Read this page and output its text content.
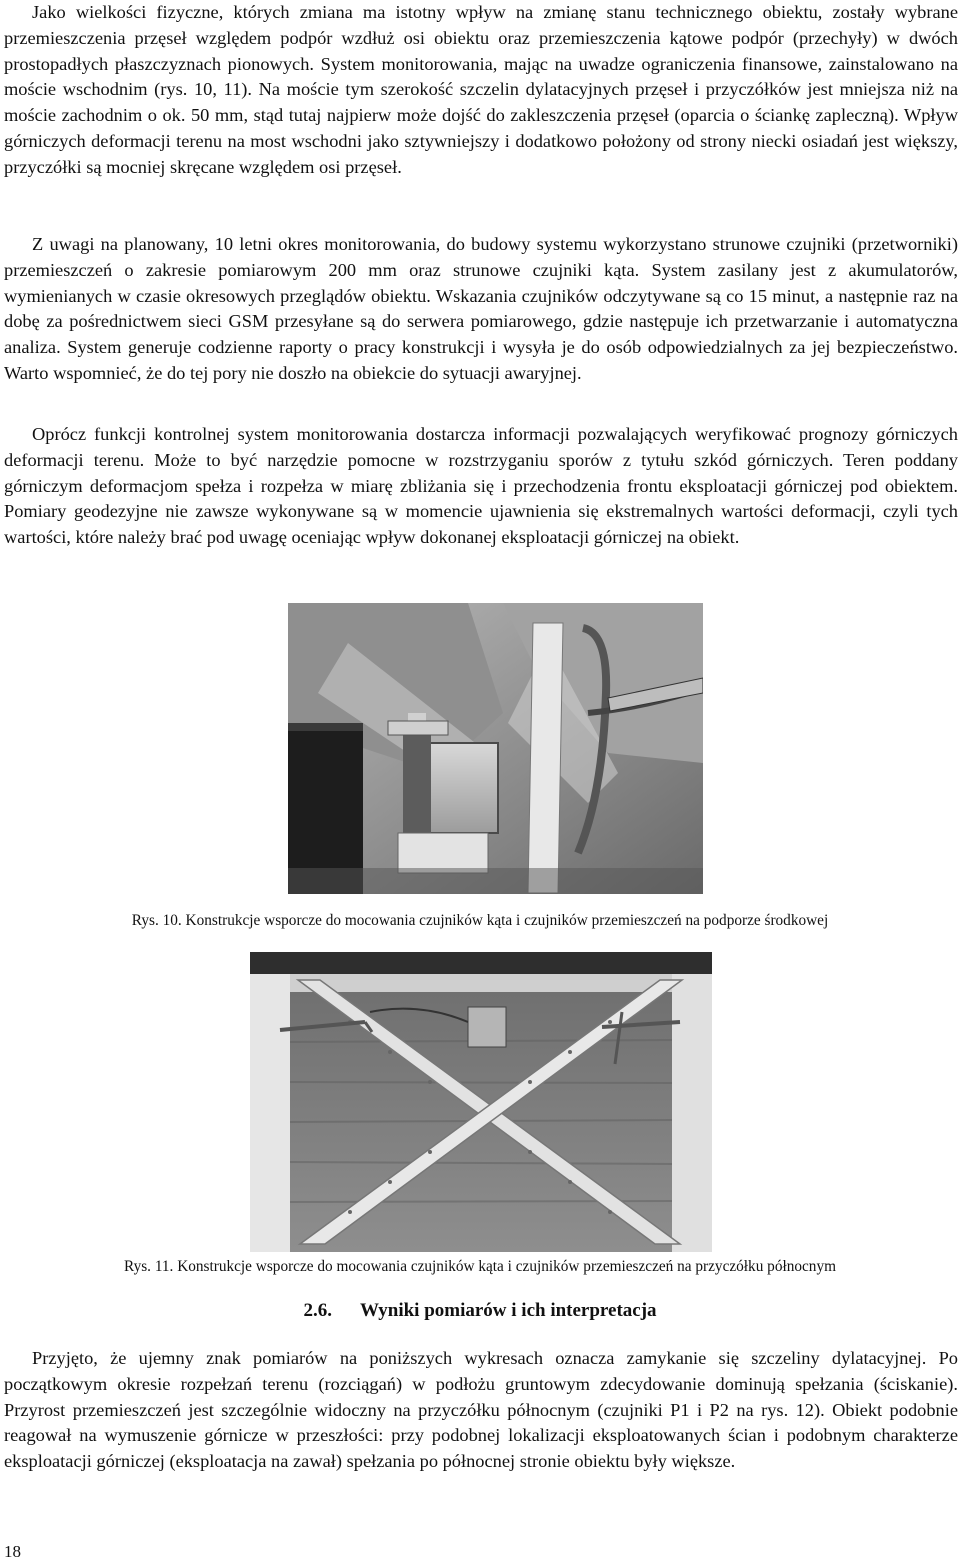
Jako wielkości fizyczne, których zmiana ma istotny wpływ na zmianę stanu technicznego obiektu, zostały wybrane przemieszczenia przęseł względem podpór wzdłuż osi obiektu oraz przemieszczenia kątowe podpór (przechyły) w dwóch prostopadłych płaszczyznach pionowych. System monitorowania, mając na uwadze ograniczenia finansowe, zainstalowano na moście wschodnim (rys. 10, 11). Na moście tym szerokość szczelin dylatacyjnych przęseł i przyczółków jest mniejsza niż na moście zachodnim o ok. 50 mm, stąd tutaj najpierw może dojść do zakleszczenia przęseł (oparcia o ściankę zapleczną). Wpływ górniczych deformacji terenu na most wschodni jako sztywniejszy i dodatkowo położony od strony niecki osiadań jest większy, przyczółki są mocniej skręcane względem osi przęseł.

Z uwagi na planowany, 10 letni okres monitorowania, do budowy systemu wykorzystano strunowe czujniki (przetworniki) przemieszczeń o zakresie pomiarowym 200 mm oraz strunowe czujniki kąta. System zasilany jest z akumulatorów, wymienianych w czasie okresowych przeglądów obiektu. Wskazania czujników odczytywane są co 15 minut, a następnie raz na dobę za pośrednictwem sieci GSM przesyłane są do serwera pomiarowego, gdzie następuje ich przetwarzanie i automatyczna analiza. System generuje codzienne raporty o pracy konstrukcji i wysyła je do osób odpowiedzialnych za jej bezpieczeństwo. Warto wspomnieć, że do tej pory nie doszło na obiekcie do sytuacji awaryjnej.

Oprócz funkcji kontrolnej system monitorowania dostarcza informacji pozwalających weryfikować prognozy górniczych deformacji terenu. Może to być narzędzie pomocne w rozstrzyganiu sporów z tytułu szkód górniczych. Teren poddany górniczym deformacjom spełza i rozpełza w miarę zbliżania się i przechodzenia frontu eksploatacji górniczej pod obiektem. Pomiary geodezyjne nie zawsze wykonywane są w momencie ujawnienia się ekstremalnych wartości deformacji, czyli tych wartości, które należy brać pod uwagę oceniając wpływ dokonanej eksploatacji górniczej na obiekt.

Rys. 10. Konstrukcje wsporcze do mocowania czujników kąta i czujników przemieszczeń na podporze środkowej

Rys. 11. Konstrukcje wsporcze do mocowania czujników kąta i czujników przemieszczeń na przyczółku północnym

2.6. Wyniki pomiarów i ich interpretacja

Przyjęto, że ujemny znak pomiarów na poniższych wykresach oznacza zamykanie się szczeliny dylatacyjnej. Po początkowym okresie rozpełzań terenu (rozciągań) w podłożu gruntowym zdecydowanie dominują spełzania (ściskanie). Przyrost przemieszczeń jest szczególnie widoczny na przyczółku północnym (czujniki P1 i P2 na rys. 12). Obiekt podobnie reagował na wymuszenie górnicze w przeszłości: przy podobnej lokalizacji eksploatowanych ścian i podobnym charakterze eksploatacji górniczej (eksploatacja na zawał) spełzania po północnej stronie obiektu były większe.

18
